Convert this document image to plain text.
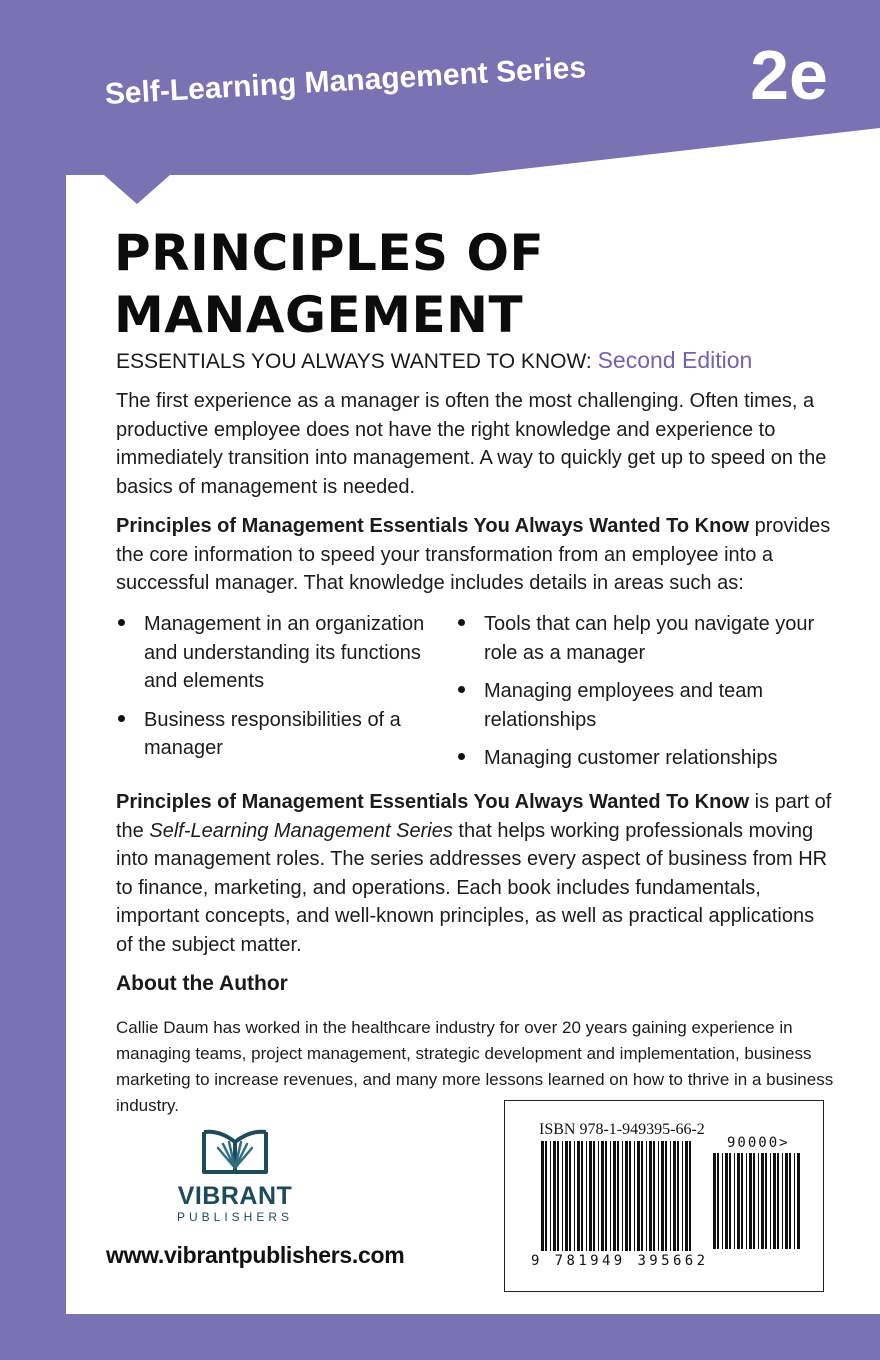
Self-Learning Management Series 2e
PRINCIPLES OF
MANAGEMENT
ESSENTIALS YOU ALWAYS WANTED TO KNOW: Second Edition

The first experience as a manager is often the most challenging. Often times, a productive employee does not have the right knowledge and experience to immediately transition into management. A way to quickly get up to speed on the basics of management is needed.

Principles of Management Essentials You Always Wanted To Know provides the core information to speed your transformation from an employee into a successful manager. That knowledge includes details in areas such as:

Management in an organization and understanding its functions and elements
Business responsibilities of a manager
Tools that can help you navigate your role as a manager
Managing employees and team relationships
Managing customer relationships

Principles of Management Essentials You Always Wanted To Know is part of the Self-Learning Management Series that helps working professionals moving into management roles. The series addresses every aspect of business from HR to finance, marketing, and operations. Each book includes fundamentals, important concepts, and well-known principles, as well as practical applications of the subject matter.

About the Author

Callie Daum has worked in the healthcare industry for over 20 years gaining experience in managing teams, project management, strategic development and implementation, business marketing to increase revenues, and many more lessons learned on how to thrive in a business industry.

VIBRANT
PUBLISHERS
www.vibrantpublishers.com
ISBN 978-1-949395-66-2
90000>
9 781949 395662
